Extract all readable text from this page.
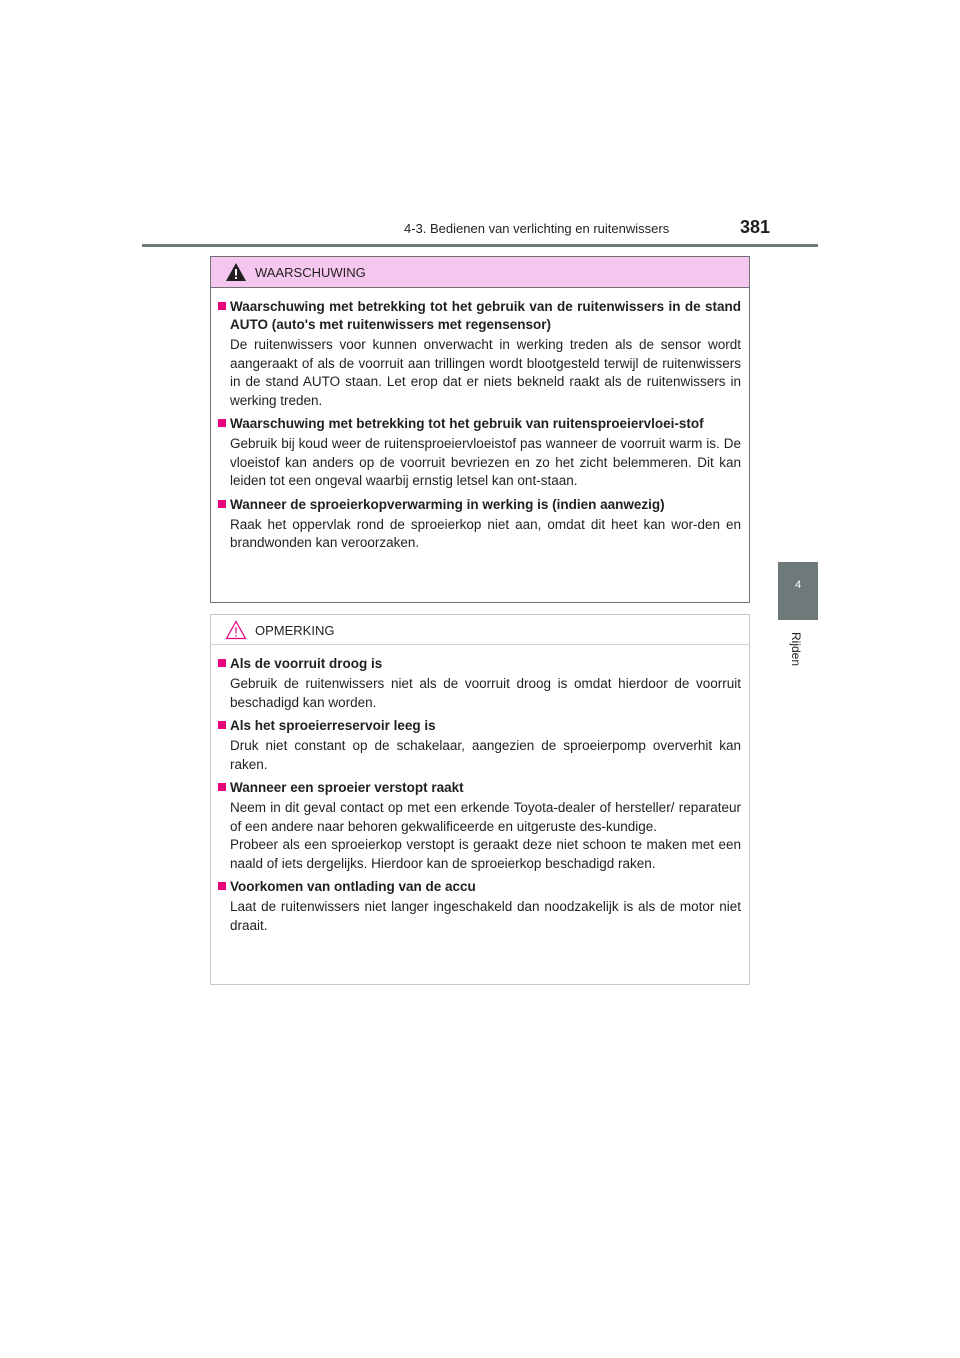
4-3. Bedienen van verlichting en ruitenwissers	381
4
Rijden
WAARSCHUWING
Waarschuwing met betrekking tot het gebruik van de ruitenwissers in de stand AUTO (auto's met ruitenwissers met regensensor)

De ruitenwissers voor kunnen onverwacht in werking treden als de sensor wordt aangeraakt of als de voorruit aan trillingen wordt blootgesteld terwijl de ruitenwissers in de stand AUTO staan. Let erop dat er niets bekneld raakt als de ruitenwissers in werking treden.

Waarschuwing met betrekking tot het gebruik van ruitensproeiervloei-stof

Gebruik bij koud weer de ruitensproeiervloeistof pas wanneer de voorruit warm is. De vloeistof kan anders op de voorruit bevriezen en zo het zicht belemmeren. Dit kan leiden tot een ongeval waarbij ernstig letsel kan ont-staan.

Wanneer de sproeierkopverwarming in werking is (indien aanwezig)

Raak het oppervlak rond de sproeierkop niet aan, omdat dit heet kan wor-den en brandwonden kan veroorzaken.

OPMERKING
Als de voorruit droog is

Gebruik de ruitenwissers niet als de voorruit droog is omdat hierdoor de voorruit beschadigd kan worden.

Als het sproeierreservoir leeg is

Druk niet constant op de schakelaar, aangezien de sproeierpomp oververhit kan raken.

Wanneer een sproeier verstopt raakt

Neem in dit geval contact op met een erkende Toyota-dealer of hersteller/ reparateur of een andere naar behoren gekwalificeerde en uitgeruste des-kundige.

Probeer als een sproeierkop verstopt is geraakt deze niet schoon te maken met een naald of iets dergelijks. Hierdoor kan de sproeierkop beschadigd raken.

Voorkomen van ontlading van de accu

Laat de ruitenwissers niet langer ingeschakeld dan noodzakelijk is als de motor niet draait.
